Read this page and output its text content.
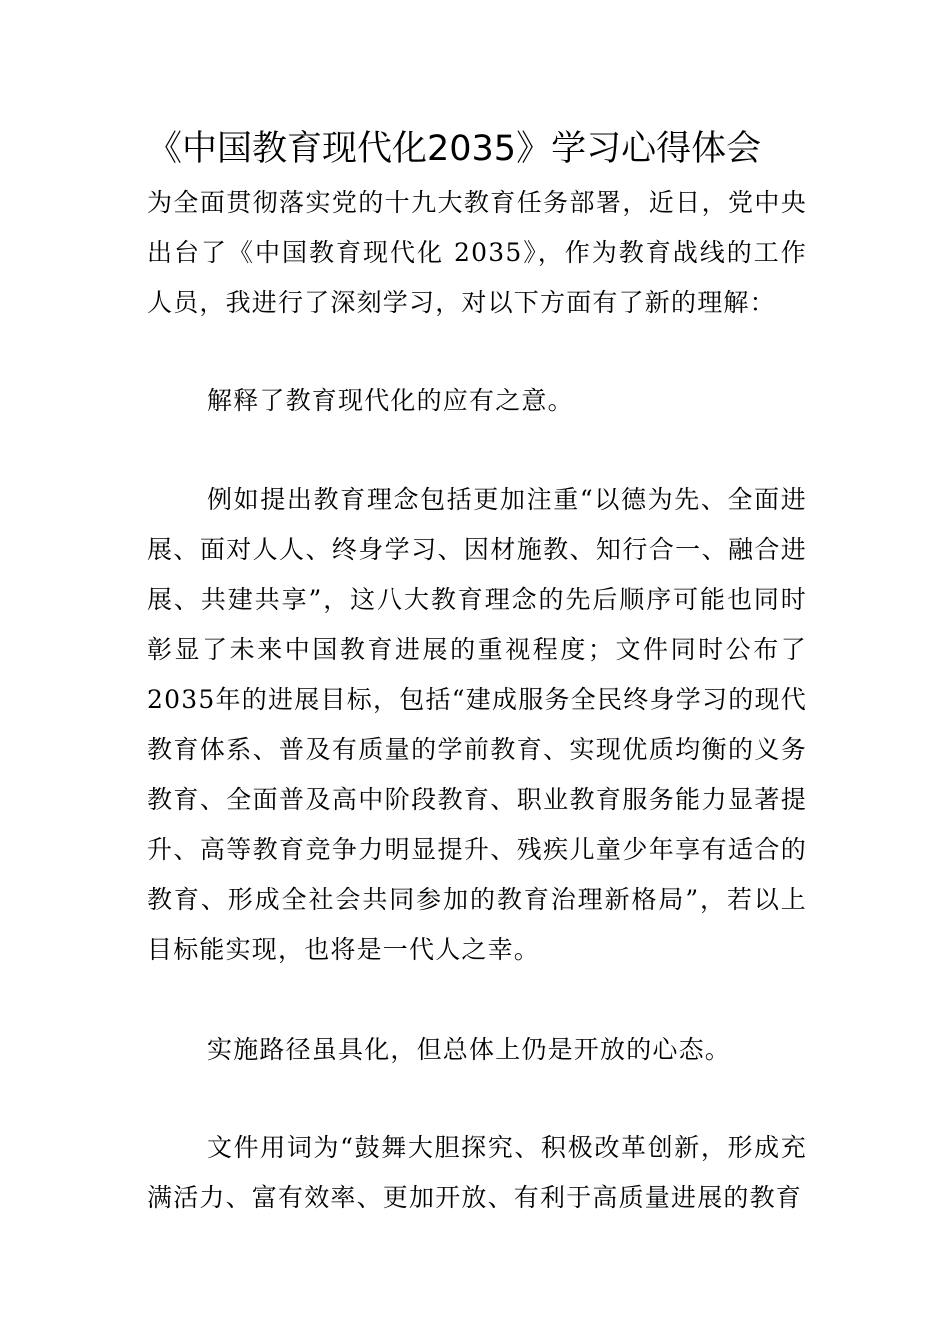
《中国教育现代化2035》学习心得体会
为全面贯彻落实党的十九大教育任务部署，近日，党中央出台了《中国教育现代化 2035》，作为教育战线的工作人员，我进行了深刻学习，对以下方面有了新的理解：
解释了教育现代化的应有之意。
例如提出教育理念包括更加注重“以德为先、全面进展、面对人人、终身学习、因材施教、知行合一、融合进展、共建共享”，这八大教育理念的先后顺序可能也同时彰显了未来中国教育进展的重视程度；文件同时公布了2035年的进展目标，包括“建成服务全民终身学习的现代教育体系、普及有质量的学前教育、实现优质均衡的义务教育、全面普及高中阶段教育、职业教育服务能力显著提升、高等教育竞争力明显提升、残疾儿童少年享有适合的教育、形成全社会共同参加的教育治理新格局”，若以上目标能实现，也将是一代人之幸。
实施路径虽具化，但总体上仍是开放的心态。
文件用词为“鼓舞大胆探究、积极改革创新，形成充满活力、富有效率、更加开放、有利于高质量进展的教育
